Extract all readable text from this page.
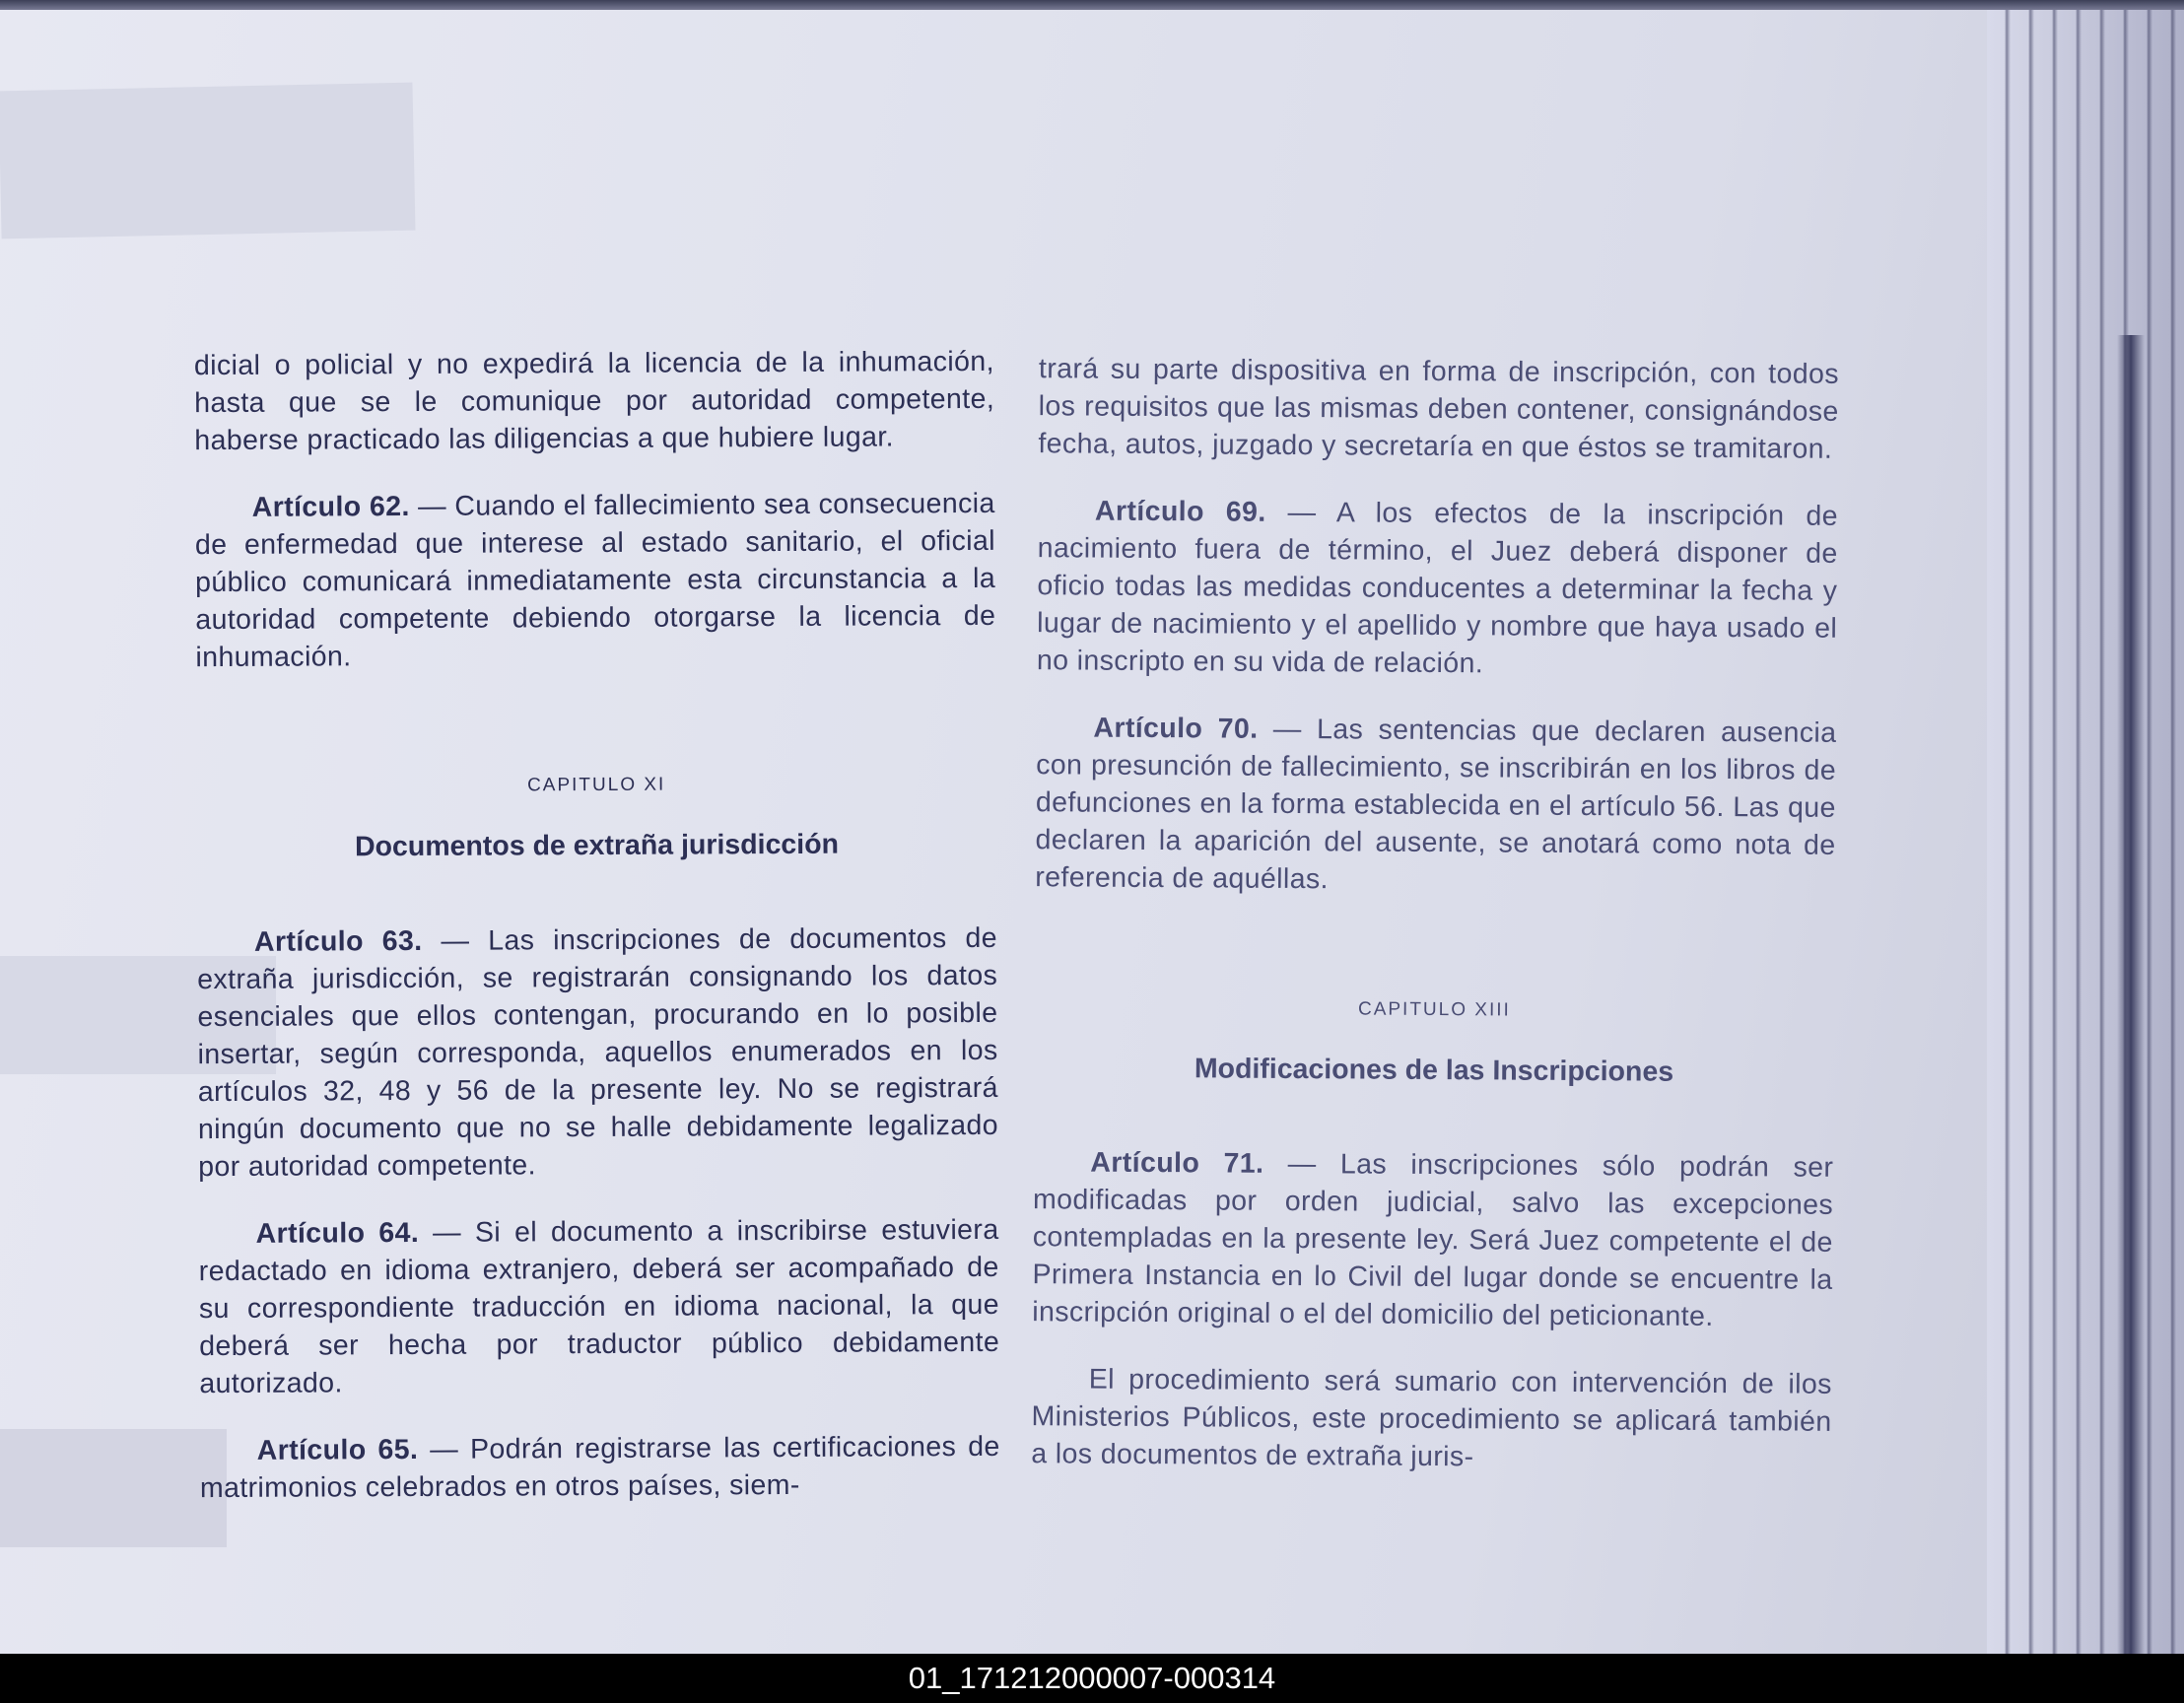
dicial o policial y no expedirá la licencia de la inhumación, hasta que se le comunique por autoridad competente, haberse practicado las diligencias a que hubiere lugar.

Artículo 62. — Cuando el fallecimiento sea consecuencia de enfermedad que interese al estado sanitario, el oficial público comunicará inmediatamente esta circunstancia a la autoridad competente debiendo otorgarse la licencia de inhumación.

CAPITULO XI
Documentos de extraña jurisdicción

Artículo 63. — Las inscripciones de documentos de extraña jurisdicción, se registrarán consignando los datos esenciales que ellos contengan, procurando en lo posible insertar, según corresponda, aquellos enumerados en los artículos 32, 48 y 56 de la presente ley. No se registrará ningún documento que no se halle debidamente legalizado por autoridad competente.

Artículo 64. — Si el documento a inscribirse estuviera redactado en idioma extranjero, deberá ser acompañado de su correspondiente traducción en idioma nacional, la que deberá ser hecha por traductor público debidamente autorizado.

Artículo 65. — Podrán registrarse las certificaciones de matrimonios celebrados en otros países, siem-

trará su parte dispositiva en forma de inscripción, con todos los requisitos que las mismas deben contener, consignándose fecha, autos, juzgado y secretaría en que éstos se tramitaron.

Artículo 69. — A los efectos de la inscripción de nacimiento fuera de término, el Juez deberá disponer de oficio todas las medidas conducentes a determinar la fecha y lugar de nacimiento y el apellido y nombre que haya usado el no inscripto en su vida de relación.

Artículo 70. — Las sentencias que declaren ausencia con presunción de fallecimiento, se inscribirán en los libros de defunciones en la forma establecida en el artículo 56. Las que declaren la aparición del ausente, se anotará como nota de referencia de aquéllas.

CAPITULO XIII
Modificaciones de las Inscripciones

Artículo 71. — Las inscripciones sólo podrán ser modificadas por orden judicial, salvo las excepciones contempladas en la presente ley. Será Juez competente el de Primera Instancia en lo Civil del lugar donde se encuentre la inscripción original o el del domicilio del peticionante.

El procedimiento será sumario con intervención de ilos Ministerios Públicos, este procedimiento se aplicará también a los documentos de extraña juris-

01_171212000007-000314
